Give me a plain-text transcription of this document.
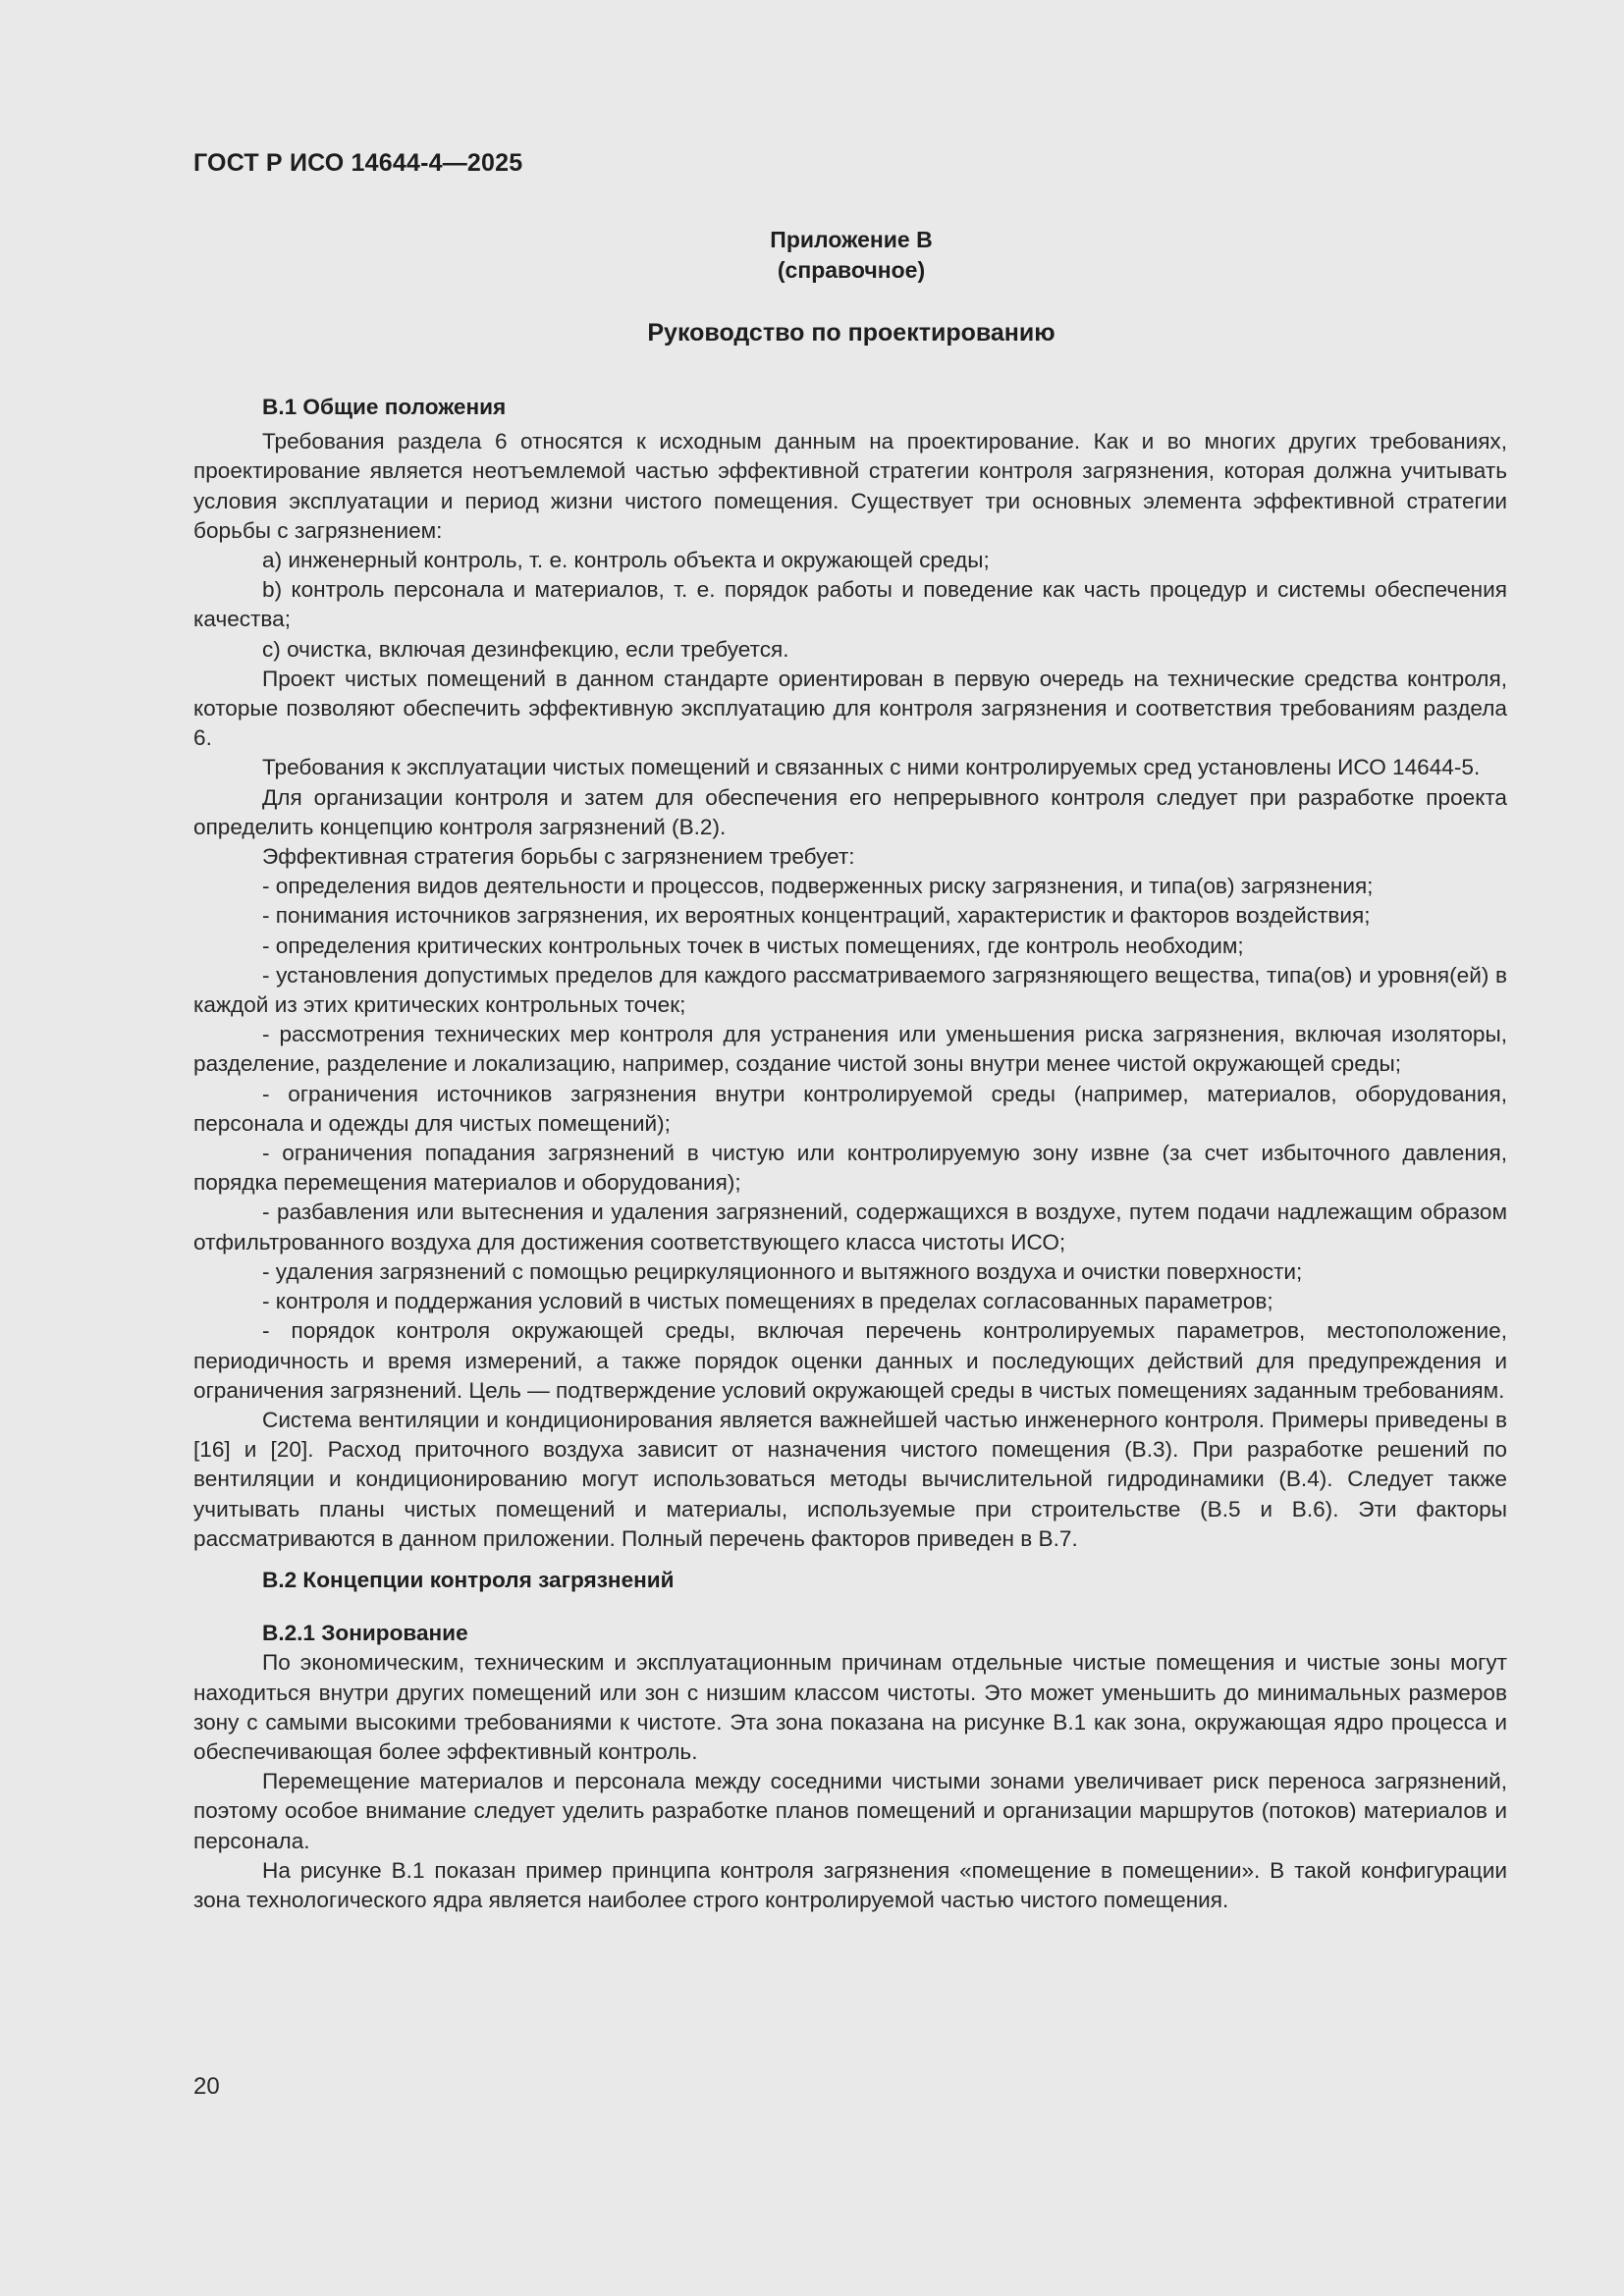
ГОСТ Р ИСО 14644-4—2025
Приложение В
(справочное)
Руководство по проектированию
В.1 Общие положения

Требования раздела 6 относятся к исходным данным на проектирование. Как и во многих других требованиях, проектирование является неотъемлемой частью эффективной стратегии контроля загрязнения, которая должна учитывать условия эксплуатации и период жизни чистого помещения. Существует три основных элемента эффективной стратегии борьбы с загрязнением:

а) инженерный контроль, т. е. контроль объекта и окружающей среды;

b) контроль персонала и материалов, т. е. порядок работы и поведение как часть процедур и системы обеспечения качества;

с) очистка, включая дезинфекцию, если требуется.

Проект чистых помещений в данном стандарте ориентирован в первую очередь на технические средства контроля, которые позволяют обеспечить эффективную эксплуатацию для контроля загрязнения и соответствия требованиям раздела 6.

Требования к эксплуатации чистых помещений и связанных с ними контролируемых сред установлены ИСО 14644-5.

Для организации контроля и затем для обеспечения его непрерывного контроля следует при разработке проекта определить концепцию контроля загрязнений (В.2).

Эффективная стратегия борьбы с загрязнением требует:

- определения видов деятельности и процессов, подверженных риску загрязнения, и типа(ов) загрязнения;

- понимания источников загрязнения, их вероятных концентраций, характеристик и факторов воздействия;

- определения критических контрольных точек в чистых помещениях, где контроль необходим;

- установления допустимых пределов для каждого рассматриваемого загрязняющего вещества, типа(ов) и уровня(ей) в каждой из этих критических контрольных точек;

- рассмотрения технических мер контроля для устранения или уменьшения риска загрязнения, включая изоляторы, разделение, разделение и локализацию, например, создание чистой зоны внутри менее чистой окружающей среды;

- ограничения источников загрязнения внутри контролируемой среды (например, материалов, оборудования, персонала и одежды для чистых помещений);

- ограничения попадания загрязнений в чистую или контролируемую зону извне (за счет избыточного давления, порядка перемещения материалов и оборудования);

- разбавления или вытеснения и удаления загрязнений, содержащихся в воздухе, путем подачи надлежащим образом отфильтрованного воздуха для достижения соответствующего класса чистоты ИСО;

- удаления загрязнений с помощью рециркуляционного и вытяжного воздуха и очистки поверхности;

- контроля и поддержания условий в чистых помещениях в пределах согласованных параметров;

- порядок контроля окружающей среды, включая перечень контролируемых параметров, местоположение, периодичность и время измерений, а также порядок оценки данных и последующих действий для предупреждения и ограничения загрязнений. Цель — подтверждение условий окружающей среды в чистых помещениях заданным требованиям.

Система вентиляции и кондиционирования является важнейшей частью инженерного контроля. Примеры приведены в [16] и [20]. Расход приточного воздуха зависит от назначения чистого помещения (В.3). При разработке решений по вентиляции и кондиционированию могут использоваться методы вычислительной гидродинамики (В.4). Следует также учитывать планы чистых помещений и материалы, используемые при строительстве (В.5 и В.6). Эти факторы рассматриваются в данном приложении. Полный перечень факторов приведен в В.7.

В.2 Концепции контроля загрязнений
В.2.1 Зонирование

По экономическим, техническим и эксплуатационным причинам отдельные чистые помещения и чистые зоны могут находиться внутри других помещений или зон с низшим классом чистоты. Это может уменьшить до минимальных размеров зону с самыми высокими требованиями к чистоте. Эта зона показана на рисунке В.1 как зона, окружающая ядро процесса и обеспечивающая более эффективный контроль.

Перемещение материалов и персонала между соседними чистыми зонами увеличивает риск переноса загрязнений, поэтому особое внимание следует уделить разработке планов помещений и организации маршрутов (потоков) материалов и персонала.

На рисунке В.1 показан пример принципа контроля загрязнения «помещение в помещении». В такой конфигурации зона технологического ядра является наиболее строго контролируемой частью чистого помещения.

20
